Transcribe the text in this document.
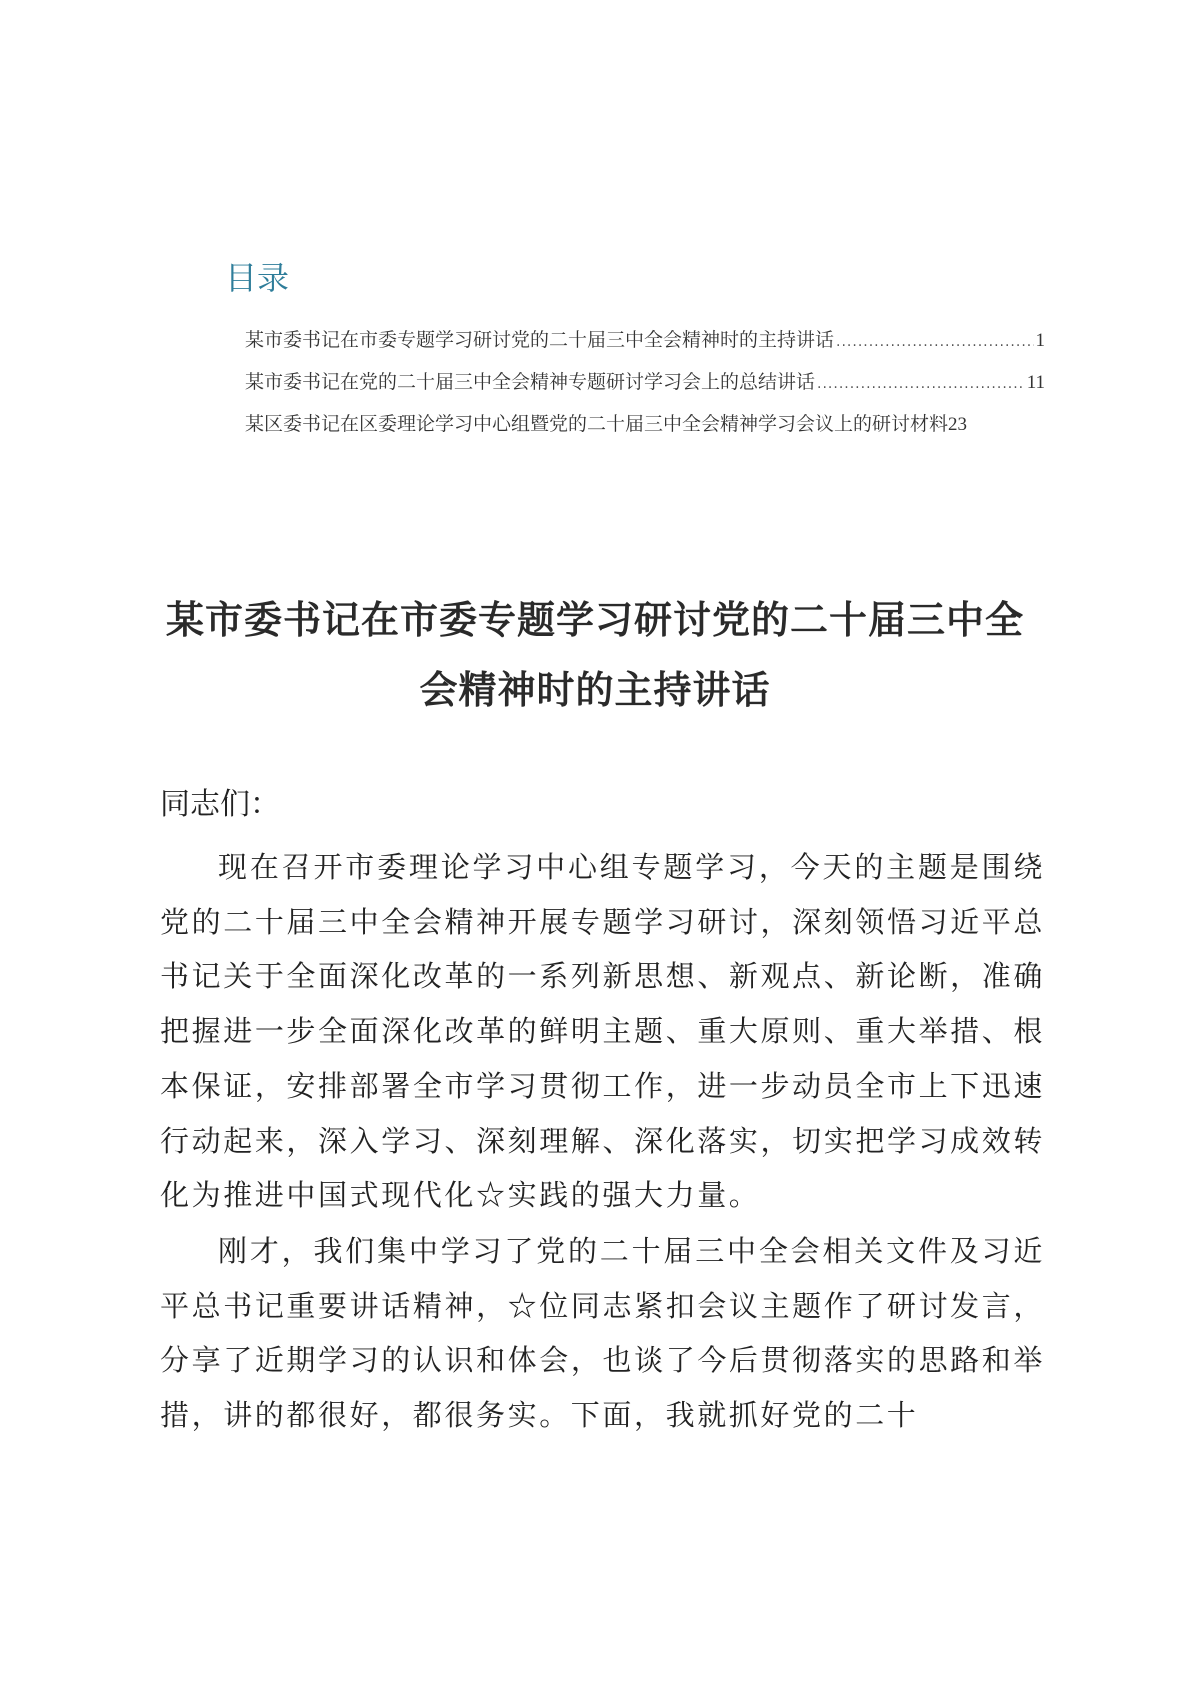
目录
某市委书记在市委专题学习研讨党的二十届三中全会精神时的主持讲话 .....	1
某市委书记在党的二十届三中全会精神专题研讨学习会上的总结讲话 .....	11
某区委书记在区委理论学习中心组暨党的二十届三中全会精神学习会议上的研讨材料 23
某市委书记在市委专题学习研讨党的二十届三中全
会精神时的主持讲话

同志们：

现在召开市委理论学习中心组专题学习，今天的主题是围绕党的二十届三中全会精神开展专题学习研讨，深刻领悟习近平总书记关于全面深化改革的一系列新思想、新观点、新论断，准确把握进一步全面深化改革的鲜明主题、重大原则、重大举措、根本保证，安排部署全市学习贯彻工作，进一步动员全市上下迅速行动起来，深入学习、深刻理解、深化落实，切实把学习成效转化为推进中国式现代化☆实践的强大力量。

刚才，我们集中学习了党的二十届三中全会相关文件及习近平总书记重要讲话精神，☆位同志紧扣会议主题作了研讨发言，分享了近期学习的认识和体会，也谈了今后贯彻落实的思路和举措，讲的都很好，都很务实。下面，我就抓好党的二十
